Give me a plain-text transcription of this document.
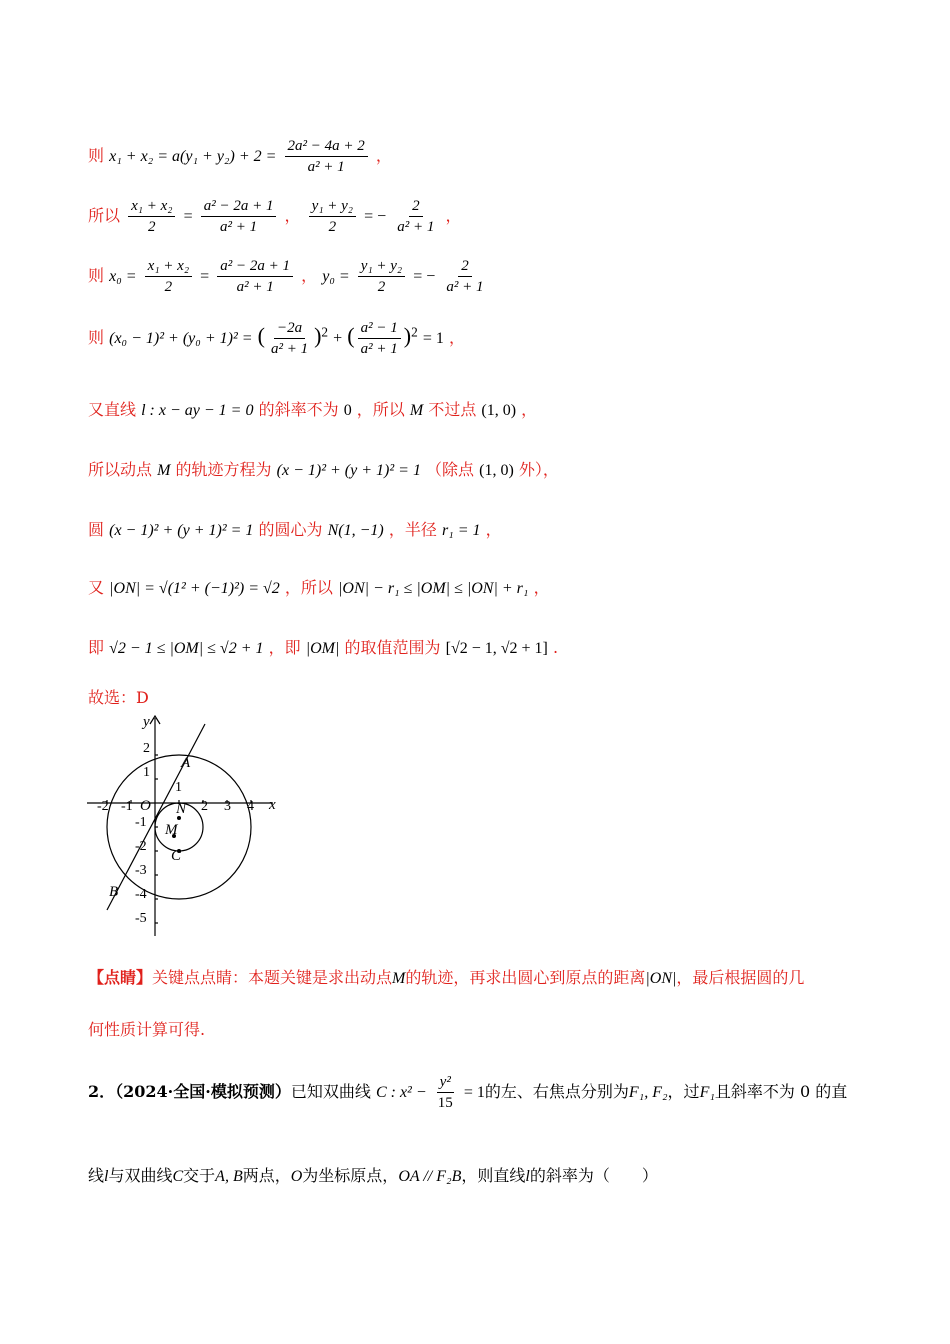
则 $x_1 + x_2 = a(y_1 + y_2) + 2 = \frac{\text{2a² − 4a + 2}}{\text{a² + 1}}$ ，
所以 $\frac{\text{x₁ + x₂}}{2} = \frac{\text{a² − 2a + 1}}{\text{a² + 1}}$ ， $\frac{\text{y₁ + y₂}}{2}$ = − $\frac{2}{\text{a² + 1}}$ ，
则 $x_0 = \frac{\text{x₁ + x₂}}{2} = \frac{\text{a² − 2a + 1}}{\text{a² + 1}}$ ， $y_0 = \frac{\text{y₁ + y₂}}{2}$ = − $\frac{2}{\text{a² + 1}}$
则 (x₀ − 1)² + (y₀ + 1)² = ( $\frac{-2a}{\text{a² + 1}} )^2$ + ( $\frac{\text{a² − 1}}{\text{a² + 1}} )^2 = 1$ ，
又直线 l : x − ay − 1 = 0 的斜率不为 0 ，所以 M 不过点 (1, 0) ，
所以动点 M 的轨迹方程为 (x − 1)² + (y + 1)² = 1 （除点 (1, 0) 外），
圆 (x − 1)² + (y + 1)² = 1 的圆心为 N(1, −1) ，半径 r₁ = 1 ，
又 |ON| = √(1² + (−1)²) = √2 ，所以 |ON| − r₁ ≤ |OM| ≤ |ON| + r₁ ，
即 √2 − 1 ≤ |OM| ≤ √2 + 1 ，即 |OM| 的取值范围为 [√2 − 1, √2 + 1] .
故选：D
y
x
O
A
B
C
M
N
-2 -1
1
2 3 4
2
1
-1
-2
-3
-4
-5
【点睛】关键点点睛：本题关键是求出动点M的轨迹，再求出圆心到原点的距离|ON|，最后根据圆的几
何性质计算可得.
2．（2024·全国·模拟预测）已知双曲线 C : $x^2 - \frac{\text{y²}}{15} = 1$的左、右焦点分别为F₁, F₂，过F₁且斜率不为 0 的直
线l与双曲线C交于A, B两点，O为坐标原点，OA // F₂B，则直线l的斜率为（　　）
